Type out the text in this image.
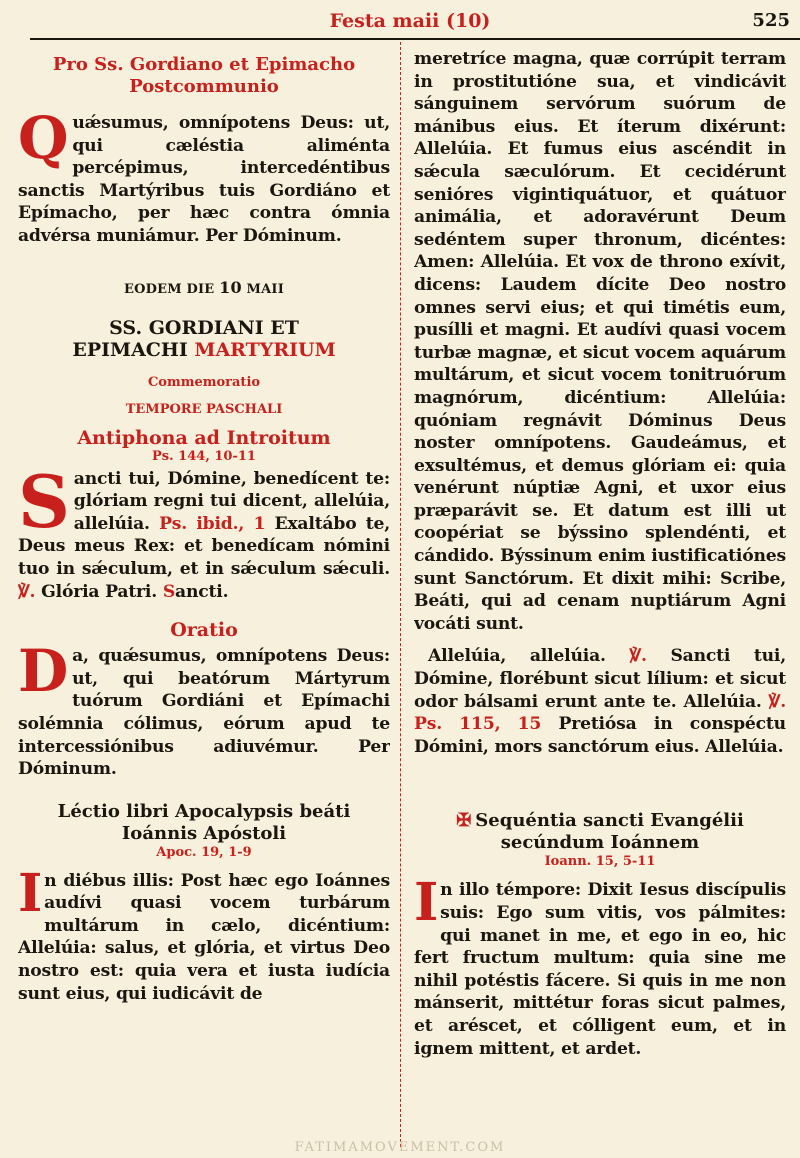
Festa maii (10)	525

Pro Ss. Gordiano et Epimacho

Postcommunio

Quǽsumus, omnípotens Deus: ut, qui cæléstia aliménta percépimus, intercedéntibus sanctis Martýribus tuis Gordiáno et Epímacho, per hæc contra ómnia advérsa muniámur. Per Dóminum.

EODEM DIE 10 MAII

SS. GORDIANI ET

EPIMACHI MARTYRIUM

Commemoratio

TEMPORE PASCHALI

Antiphona ad Introitum

Ps. 144, 10-11

Sancti tui, Dómine, benedícent te: glóriam regni tui dicent, allelúia, allelúia. Ps. ibid., 1 Exaltábo te, Deus meus Rex: et benedícam nómini tuo in sǽculum, et in sǽculum sǽculi. ℣. Glória Patri. Sancti.

Oratio

Da, quǽsumus, omnípotens Deus: ut, qui beatórum Mártyrum tuórum Gordiáni et Epímachi solémnia cólimus, eórum apud te intercessiónibus adiuvémur. Per Dóminum.

Léctio libri Apocalypsis beáti

Ioánnis Apóstoli

Apoc. 19, 1-9

In diébus illis: Post hæc ego Ioánnes audívi quasi vocem turbárum multárum in cælo, dicéntium: Allelúia: salus, et glória, et virtus Deo nostro est: quia vera et iusta iudícia sunt eius, qui iudicávit de

meretríce magna, quæ corrúpit terram in prostitutióne sua, et vindicávit sánguinem servórum suórum de mánibus eius. Et íterum dixérunt: Allelúia. Et fumus eius ascéndit in sǽcula sæculórum. Et cecidérunt senióres vigintiquátuor, et quátuor animália, et adoravérunt Deum sedéntem super thronum, dicéntes: Amen: Allelúia. Et vox de throno exívit, dicens: Laudem dícite Deo nostro omnes servi eius; et qui timétis eum, pusílli et magni. Et audívi quasi vocem turbæ magnæ, et sicut vocem aquárum multárum, et sicut vocem tonitruórum magnórum, dicéntium: Allelúia: quóniam regnávit Dóminus Deus noster omnípotens. Gaudeámus, et exsultémus, et demus glóriam ei: quia venérunt núptiæ Agni, et uxor eius præparávit se. Et datum est illi ut coopériat se býssino splendénti, et cándido. Býssinum enim iustificatiónes sunt Sanctórum. Et dixit mihi: Scribe, Beáti, qui ad cenam nuptiárum Agni vocáti sunt.

Allelúia, allelúia. ℣. Sancti tui, Dómine, florébunt sicut lílium: et sicut odor bálsami erunt ante te. Allelúia. ℣. Ps. 115, 15 Pretiósa in conspéctu Dómini, mors sanctórum eius. Allelúia.

✠ Sequéntia sancti Evangélii

secúndum Ioánnem

Ioann. 15, 5-11

In illo témpore: Dixit Iesus discípulis suis: Ego sum vitis, vos pálmites: qui manet in me, et ego in eo, hic fert fructum multum: quia sine me nihil potéstis fácere. Si quis in me non mánserit, mittétur foras sicut palmes, et aréscet, et cólligent eum, et in ignem mittent, et ardet.

FATIMAMOVEMENT.COM
